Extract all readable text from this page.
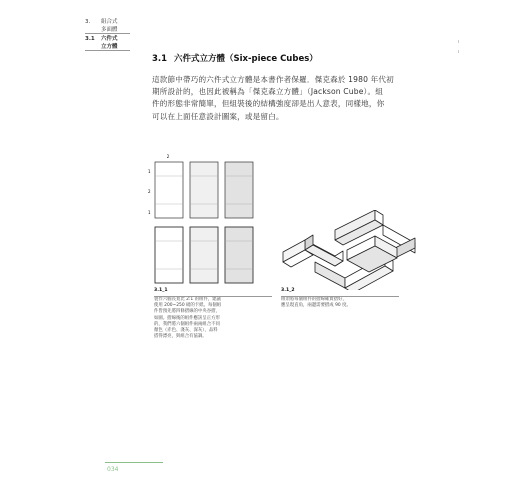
3. 組合式
多面體
3.1 六件式
立方體
3.1 六件式立方體（Six-piece Cubes）
這款節中帶巧的六件式立方體是本書作者保羅．傑克森於 1980 年代初
期所設計的，也因此被稱為「傑克森立方體」（Jackson Cube）。組
件的形態非常簡單，但組裝後的結構強度卻是出人意表，同樣地，你
可以在上面任意設計圖案，或是留白。
2
1
2
1
3.1_1
製作六個長寬比 2:1 的組件，建議
使用 200~250 磅的卡紙。每個組
件皆預先將四條摺線的中央谷摺，
如圖。摺線後的組件應該呈正方形
的，我們將六個組件兩兩組合不同
顏色（赤色、淺灰、深灰），品料
搭得漂亮，與組合有協調。
3.1_2
組須將每個組件的摺線確實摺好，
應呈現直角，兩邊需要摺成 90 度。
034
